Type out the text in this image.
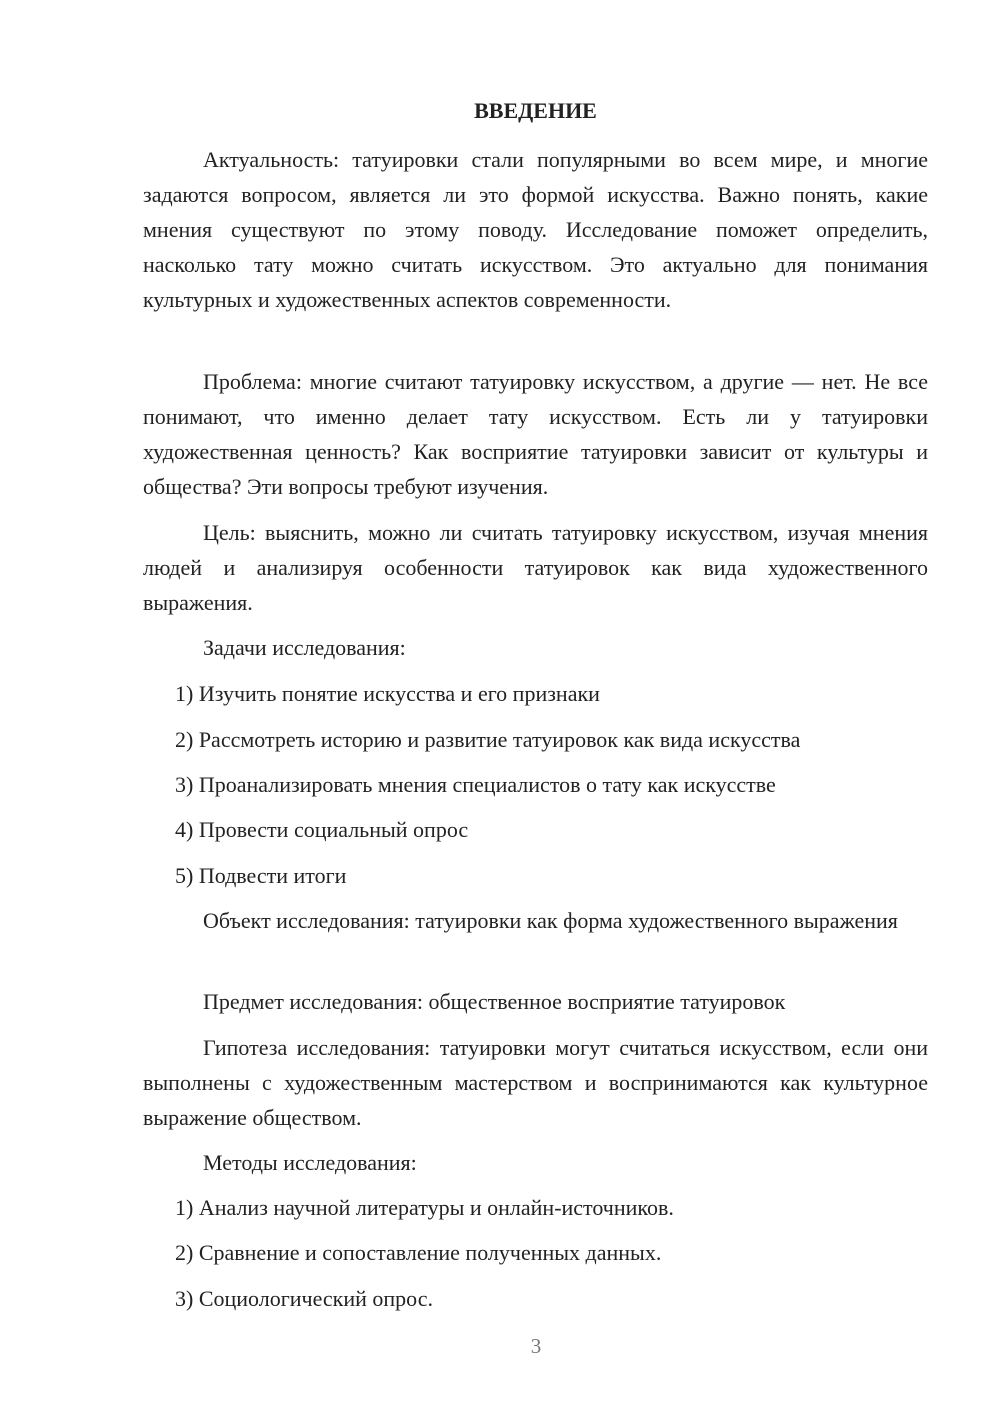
ВВЕДЕНИЕ

Актуальность: татуировки стали популярными во всем мире, и многие задаются вопросом, является ли это формой искусства. Важно понять, какие мнения существуют по этому поводу. Исследование поможет определить, насколько тату можно считать искусством. Это актуально для понимания культурных и художественных аспектов современности.

Проблема: многие считают татуировку искусством, а другие — нет. Не все понимают, что именно делает тату искусством. Есть ли у татуировки художественная ценность? Как восприятие татуировки зависит от культуры и общества? Эти вопросы требуют изучения.

Цель: выяснить, можно ли считать татуировку искусством, изучая мнения людей и анализируя особенности татуировок как вида художественного выражения.

Задачи исследования:

1) Изучить понятие искусства и его признаки

2) Рассмотреть историю и развитие татуировок как вида искусства

3) Проанализировать мнения специалистов о тату как искусстве

4) Провести социальный опрос

5) Подвести итоги

Объект исследования: татуировки как форма художественного выражения

Предмет исследования: общественное восприятие татуировок

Гипотеза исследования: татуировки могут считаться искусством, если они выполнены с художественным мастерством и воспринимаются как культурное выражение обществом.

Методы исследования:

1) Анализ научной литературы и онлайн-источников.

2) Сравнение и сопоставление полученных данных.

3) Социологический опрос.

3
